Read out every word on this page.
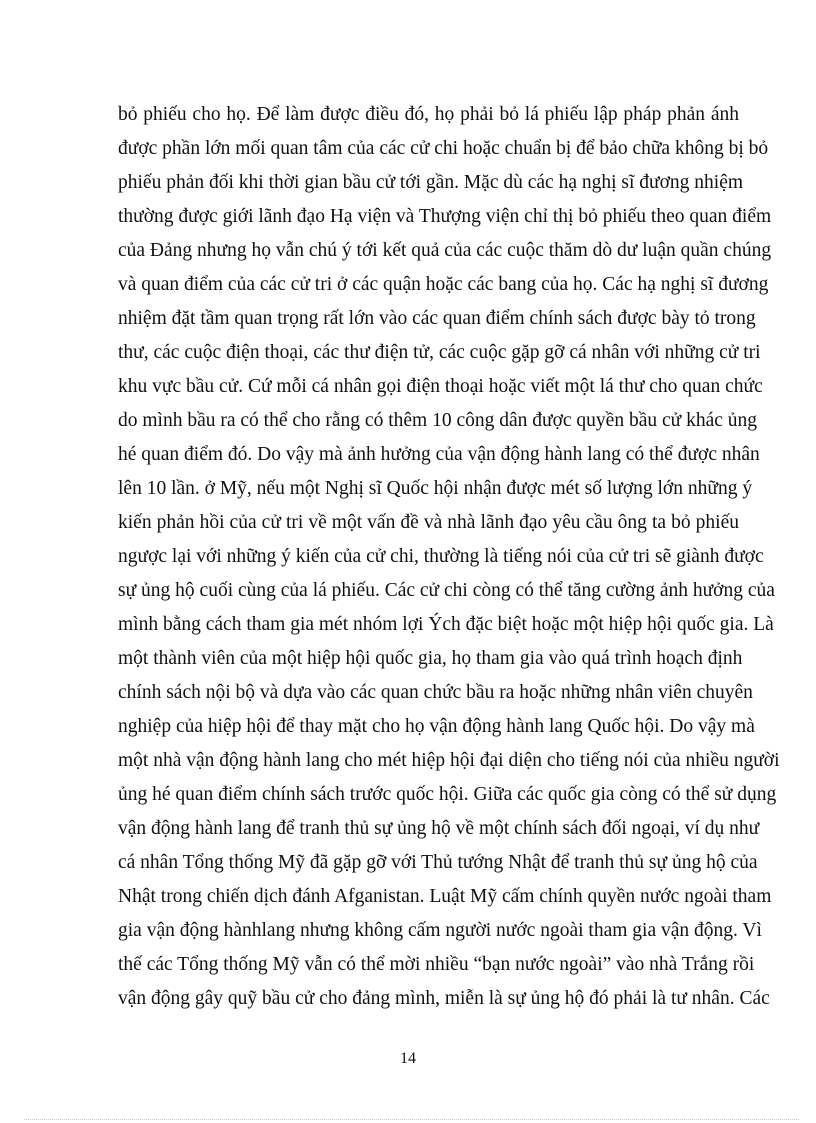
bỏ phiếu cho họ. Để làm được điều đó, họ phải bỏ lá phiếu lập pháp phản ánh
được phần lớn mối quan tâm của các cử chi hoặc chuẩn bị để bảo chữa không bị bỏ
phiếu phản đối khi thời gian bầu cử tới gần. Mặc dù các hạ nghị sĩ đương nhiệm
thường được giới lãnh đạo Hạ viện và Thượng viện chỉ thị bỏ phiếu theo quan điểm
của Đảng nhưng họ vẫn chú ý tới kết quả của các cuộc thăm dò dư luận quần chúng
và quan điểm của các cử tri ở các quận hoặc các bang của họ. Các hạ nghị sĩ đương
nhiệm đặt tầm quan trọng rất lớn vào các quan điểm chính sách được bày tỏ trong
thư, các cuộc điện thoại, các thư điện tử, các cuộc gặp gỡ cá nhân với những cử tri
khu vực bầu cử. Cứ mỗi cá nhân gọi điện thoại hoặc viết một lá thư cho quan chức
do mình bầu ra có thể cho rằng có thêm 10 công dân được quyền bầu cử khác ủng
hé quan điểm đó. Do vậy mà ảnh hưởng của vận động hành lang có thể được nhân
lên 10 lần. ở Mỹ, nếu một Nghị sĩ Quốc hội nhận được mét số lượng lớn những ý
kiến phản hồi của cử tri về một vấn đề và nhà lãnh đạo yêu cầu ông ta bỏ phiếu
ngược lại với những ý kiến của cử chi, thường là tiếng nói của cử tri sẽ giành được
sự ủng hộ cuối cùng của lá phiếu. Các cử chi còng có thể tăng cường ảnh hưởng của
mình bằng cách tham gia mét nhóm lợi Ých đặc biệt hoặc một hiệp hội quốc gia. Là
một thành viên của một hiệp hội quốc gia, họ tham gia vào quá trình hoạch định
chính sách nội bộ và dựa vào các quan chức bầu ra hoặc những nhân viên chuyên
nghiệp của hiệp hội để thay mặt cho họ vận động hành lang Quốc hội. Do vậy mà
một nhà vận động hành lang cho mét hiệp hội đại diện cho tiếng nói của nhiều người
ủng hé quan điểm chính sách trước quốc hội. Giữa các quốc gia còng có thể sử dụng
vận động hành lang để tranh thủ sự ủng hộ về một chính sách đối ngoại, ví dụ như
cá nhân Tổng thống Mỹ đã gặp gỡ với Thủ tướng Nhật để tranh thủ sự ủng hộ của
Nhật trong chiến dịch đánh Afganistan. Luật Mỹ cấm chính quyền nước ngoài tham
gia vận động hànhlang nhưng không cấm người nước ngoài tham gia vận động. Vì
thế các Tổng thống Mỹ vẫn có thể mời nhiều “bạn nước ngoài” vào nhà Trắng rồi
vận động gây quỹ bầu cử cho đảng mình, miễn là sự ủng hộ đó phải là tư nhân. Các
14
